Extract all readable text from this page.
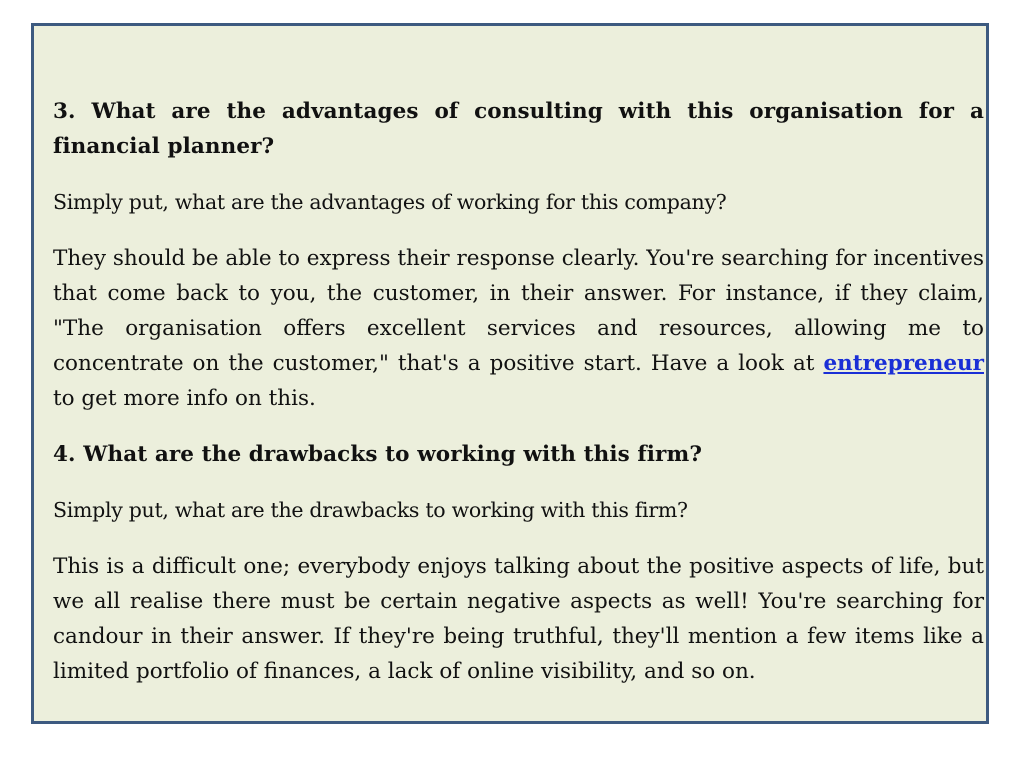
3. What are the advantages of consulting with this organisation for a financial planner?

Simply put, what are the advantages of working for this company?

They should be able to express their response clearly. You're searching for incentives that come back to you, the customer, in their answer. For instance, if they claim, "The organisation offers excellent services and resources, allowing me to concentrate on the customer," that's a positive start. Have a look at entrepreneur to get more info on this.

4. What are the drawbacks to working with this firm?

Simply put, what are the drawbacks to working with this firm?

This is a difficult one; everybody enjoys talking about the positive aspects of life, but we all realise there must be certain negative aspects as well! You're searching for candour in their answer. If they're being truthful, they'll mention a few items like a limited portfolio of finances, a lack of online visibility, and so on.
